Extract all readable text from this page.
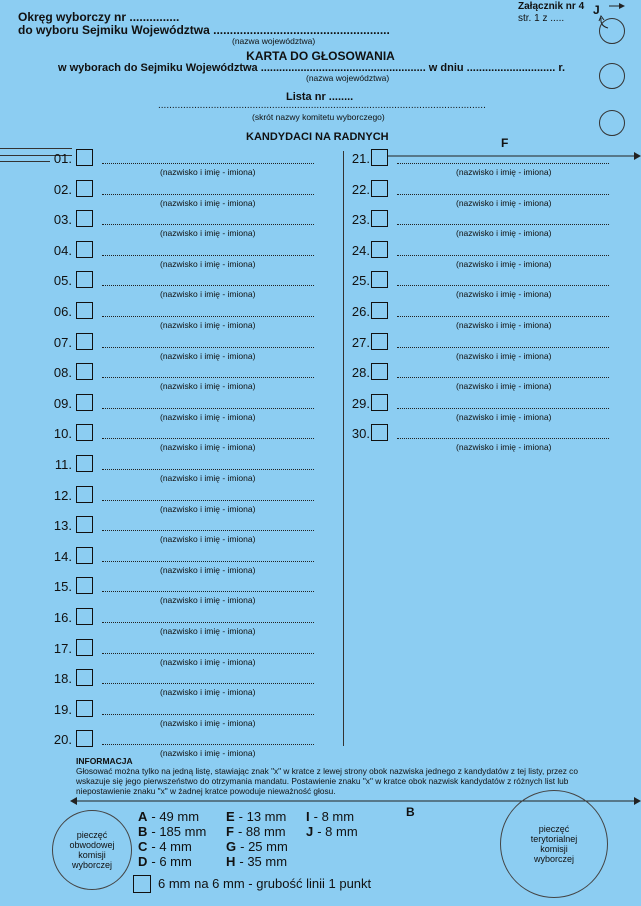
Okręg wyborczy nr ...............
do wyboru Sejmiku Województwa .....................................................
(nazwa województwa)
Załącznik nr 4
str. 1 z .....
J
KARTA DO GŁOSOWANIA
w wyborach do Sejmiku Województwa ...................................................... w dniu ............................. r.
(nazwa województwa)
Lista nr ........
......................................................................................................................
(skrót nazwy komitetu wyborczego)
KANDYDACI NA RADNYCH	F
01.
(nazwisko i imię - imiona)
02.
(nazwisko i imię - imiona)
03.
(nazwisko i imię - imiona)
04.
(nazwisko i imię - imiona)
05.
(nazwisko i imię - imiona)
06.
(nazwisko i imię - imiona)
07.
(nazwisko i imię - imiona)
08.
(nazwisko i imię - imiona)
09.
(nazwisko i imię - imiona)
10.
(nazwisko i imię - imiona)
11.
(nazwisko i imię - imiona)
12.
(nazwisko i imię - imiona)
13.
(nazwisko i imię - imiona)
14.
(nazwisko i imię - imiona)
15.
(nazwisko i imię - imiona)
16.
(nazwisko i imię - imiona)
17.
(nazwisko i imię - imiona)
18.
(nazwisko i imię - imiona)
19.
(nazwisko i imię - imiona)
20.
(nazwisko i imię - imiona)
21.
(nazwisko i imię - imiona)
22.
(nazwisko i imię - imiona)
23.
(nazwisko i imię - imiona)
24.
(nazwisko i imię - imiona)
25.
(nazwisko i imię - imiona)
26.
(nazwisko i imię - imiona)
27.
(nazwisko i imię - imiona)
28.
(nazwisko i imię - imiona)
29.
(nazwisko i imię - imiona)
30.
(nazwisko i imię - imiona)
INFORMACJA
Głosować można tylko na jedną listę, stawiając znak "x" w kratce z lewej strony obok nazwiska jednego z kandydatów z tej listy, przez co
wskazuje się jego pierwszeństwo do otrzymania mandatu. Postawienie znaku "x" w kratce obok nazwisk kandydatów z różnych list lub
niepostawienie znaku "x" w żadnej kratce powoduje nieważność głosu.
B
pieczęć
obwodowej
komisji
wyborczej
pieczęć
terytorialnej
komisji
wyborczej
A - 49 mm
B - 185 mm
C - 4 mm
D - 6 mm
E - 13 mm
F - 88 mm
G - 25 mm
H - 35 mm
I - 8 mm
J - 8 mm
6 mm na 6 mm - grubość linii 1 punkt
